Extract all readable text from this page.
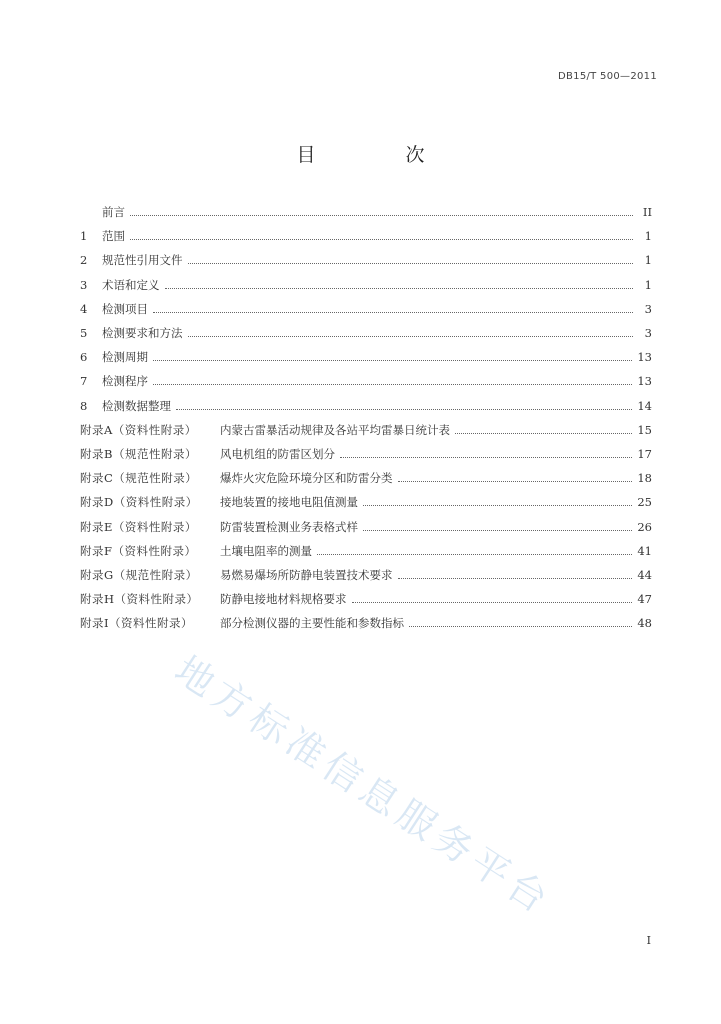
DB15/T 500—2011
目 次
前言	II
1	范围	1
2	规范性引用文件	1
3	术语和定义	1
4	检测项目	3
5	检测要求和方法	3
6	检测周期	13
7	检测程序	13
8	检测数据整理	14
附录A（资料性附录）	内蒙古雷暴活动规律及各站平均雷暴日统计表	15
附录B（规范性附录）	风电机组的防雷区划分	17
附录C（规范性附录）	爆炸火灾危险环境分区和防雷分类	18
附录D（资料性附录）	接地装置的接地电阻值测量	25
附录E（资料性附录）	防雷装置检测业务表格式样	26
附录F（资料性附录）	土壤电阻率的测量	41
附录G（规范性附录）	易燃易爆场所防静电装置技术要求	44
附录H（资料性附录）	防静电接地材料规格要求	47
附录I（资料性附录）	部分检测仪器的主要性能和参数指标	48
地方标准信息服务平台
I
